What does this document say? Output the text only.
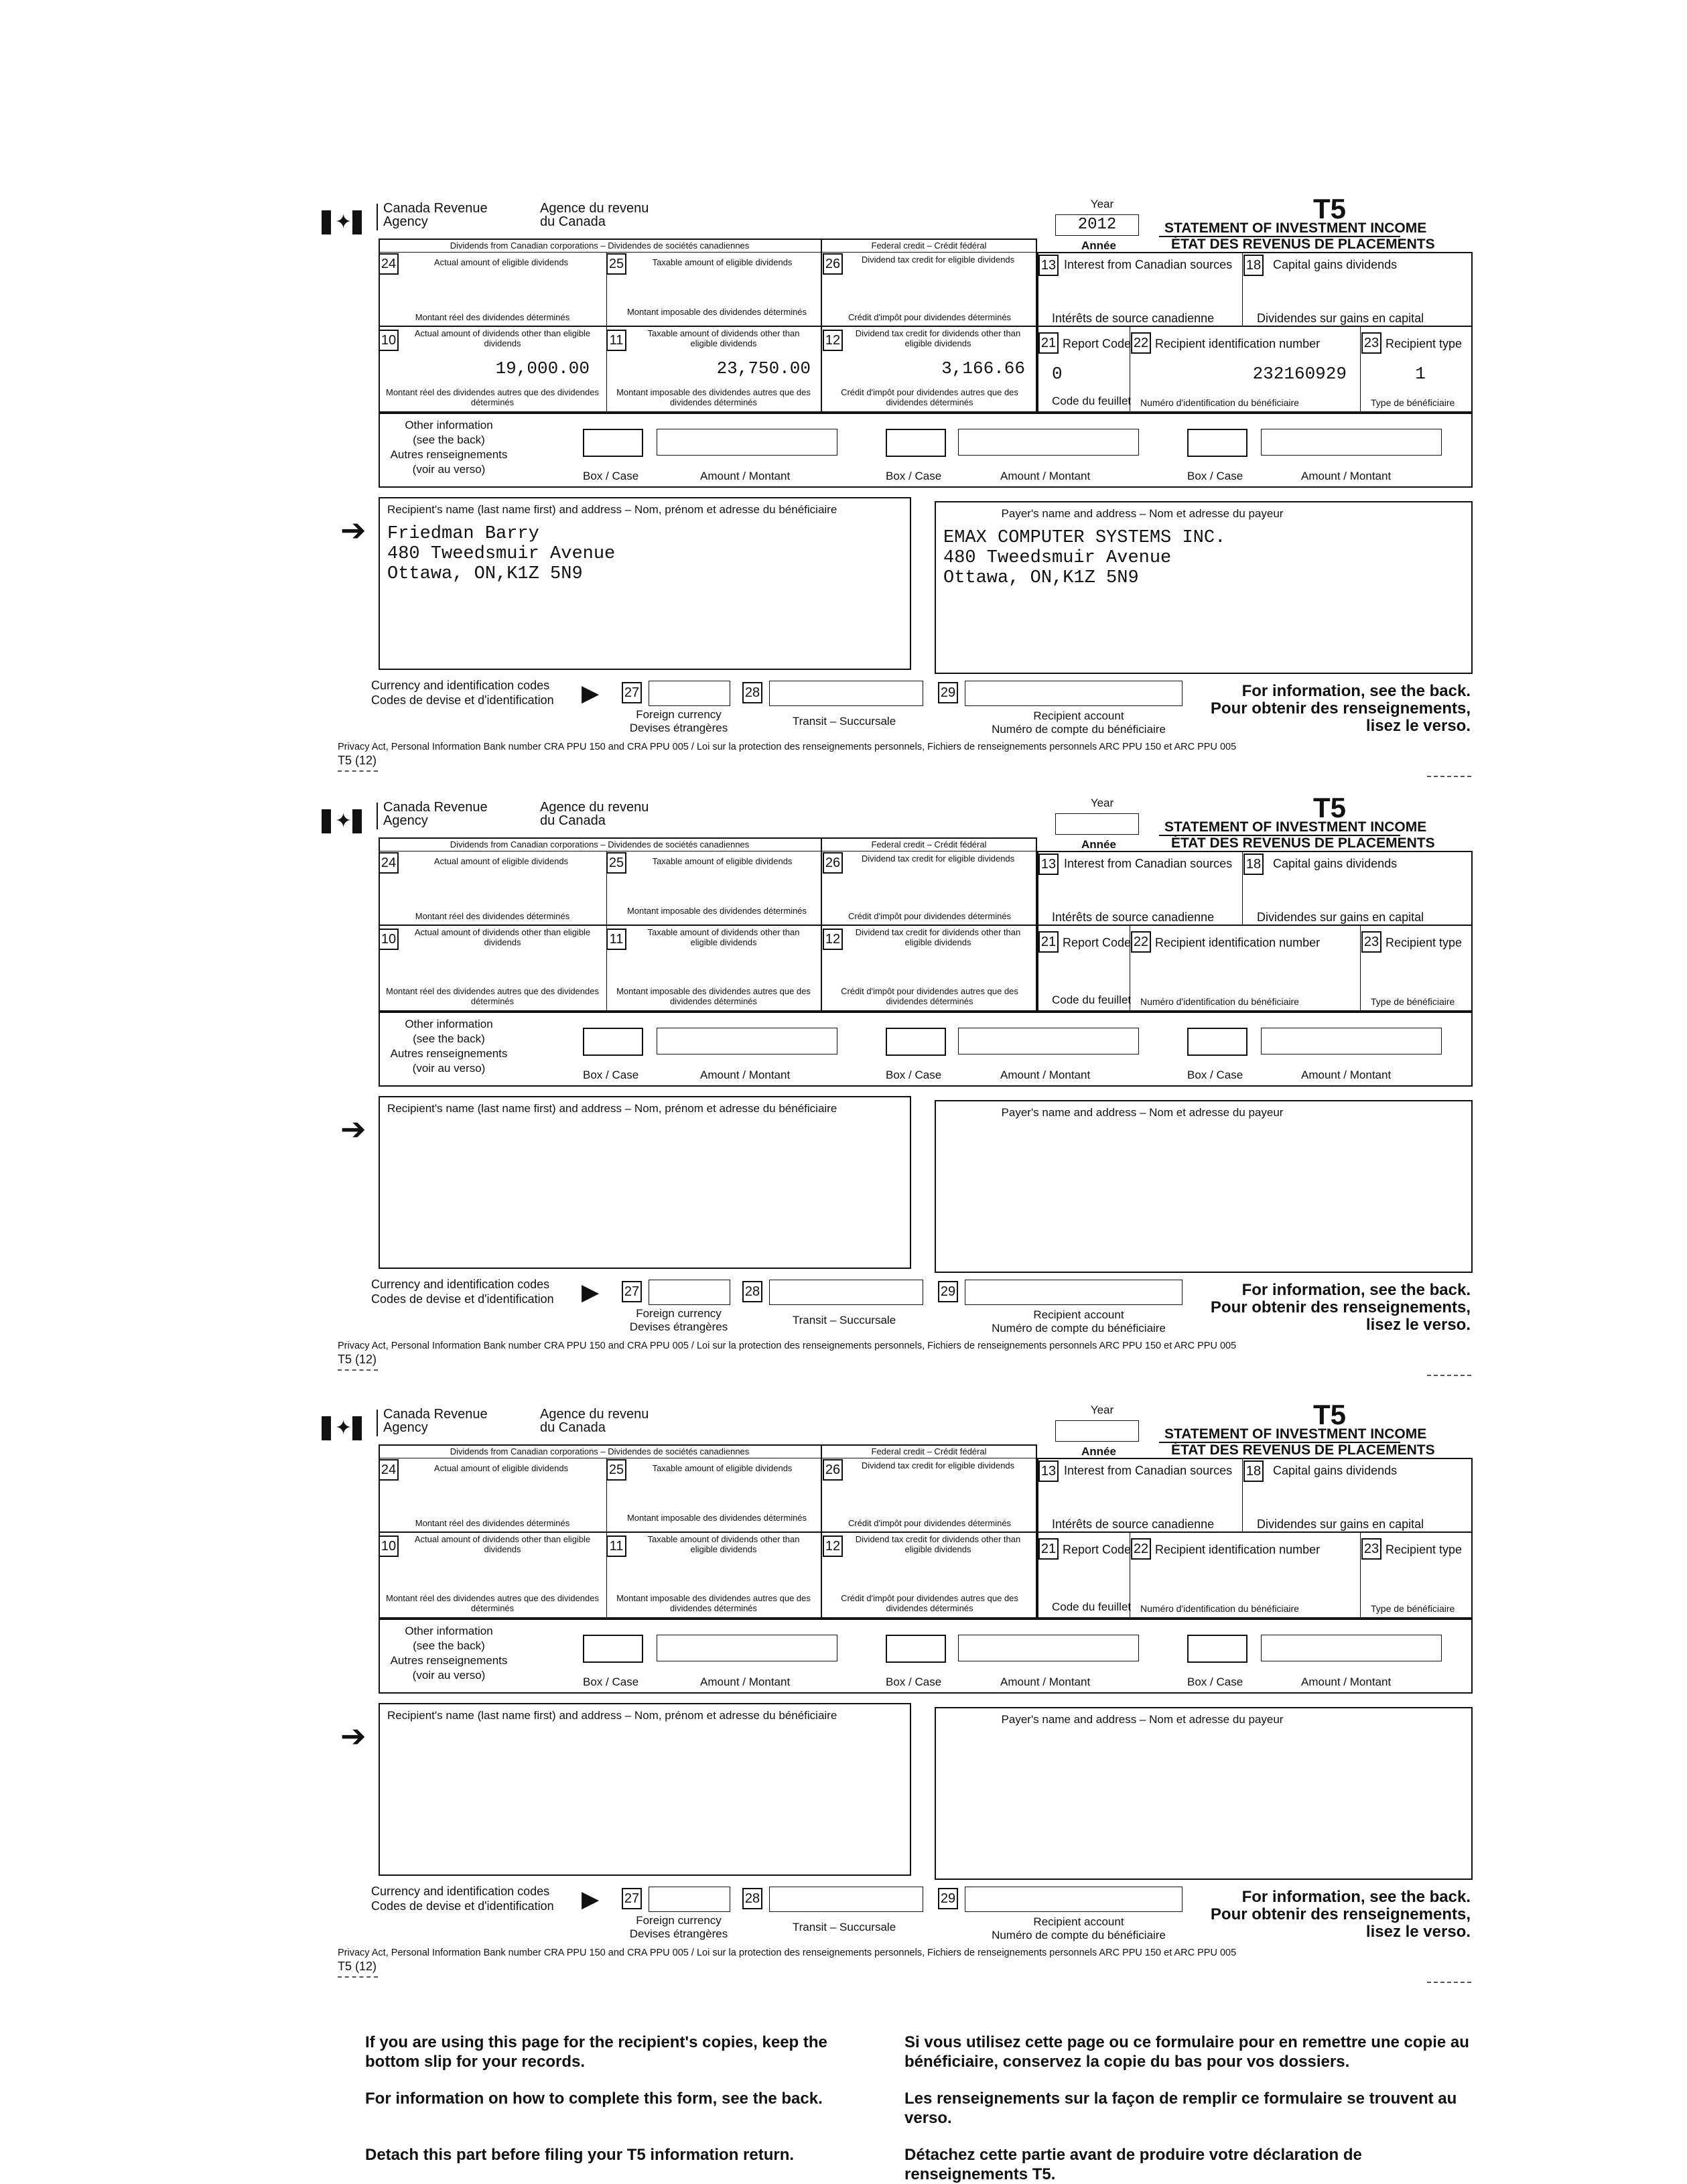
✦
Canada Revenue
Agency
Agence du revenu
du Canada
Year
2012
Année
T5
STATEMENT OF INVESTMENT INCOME
ÉTAT DES REVENUS DE PLACEMENTS
Dividends from Canadian corporations – Dividendes de sociétés canadiennes	Federal credit – Crédit fédéral
24	Actual amount of eligible dividends
Montant réel des dividendes déterminés
25	Taxable amount of eligible dividends
Montant imposable des dividendes déterminés
26	Dividend tax credit for eligible dividends
Crédit d'impôt pour dividendes déterminés
13 Interest from Canadian sources
Intérêts de source canadienne
18 Capital gains dividends
Dividendes sur gains en capital
10	Actual amount of dividends other than eligible dividends
19,000.00
Montant réel des dividendes autres que des dividendes déterminés
11	Taxable amount of dividends other than eligible dividends
23,750.00
Montant imposable des dividendes autres que des dividendes déterminés
12	Dividend tax credit for dividends other than eligible dividends
3,166.66
Crédit d'impôt pour dividendes autres que des dividendes déterminés
21 Report Code
0
Code du feuillet
22 Recipient identification number
232160929
Numéro d'identification du bénéficiaire
23 Recipient type
1
Type de bénéficiaire
Other information
(see the back)
Autres renseignements
(voir au verso)
Box / Case	Amount / Montant	Box / Case	Amount / Montant	Box / Case	Amount / Montant
➔
Recipient's name (last name first) and address – Nom, prénom et adresse du bénéficiaire
Friedman Barry
480 Tweedsmuir Avenue
Ottawa, ON,K1Z 5N9
Payer's name and address – Nom et adresse du payeur
EMAX COMPUTER SYSTEMS INC.
480 Tweedsmuir Avenue
Ottawa, ON,K1Z 5N9
Currency and identification codes
Codes de devise et d'identification ▶ 27	28	29
Foreign currency
Devises étrangères
Transit – Succursale	Recipient account
Numéro de compte du bénéficiaire
For information, see the back.
Pour obtenir des renseignements,
lisez le verso.
Privacy Act, Personal Information Bank number CRA PPU 150 and CRA PPU 005 / Loi sur la protection des renseignements personnels, Fichiers de renseignements personnels ARC PPU 150 et ARC PPU 005
T5 (12)
✦
Canada Revenue
Agency
Agence du revenu
du Canada
Year
Année
T5
STATEMENT OF INVESTMENT INCOME
ÉTAT DES REVENUS DE PLACEMENTS
Dividends from Canadian corporations – Dividendes de sociétés canadiennes	Federal credit – Crédit fédéral
24	Actual amount of eligible dividends
Montant réel des dividendes déterminés
25	Taxable amount of eligible dividends
Montant imposable des dividendes déterminés
26	Dividend tax credit for eligible dividends
Crédit d'impôt pour dividendes déterminés
13 Interest from Canadian sources
Intérêts de source canadienne
18 Capital gains dividends
Dividendes sur gains en capital
10	Actual amount of dividends other than eligible dividends
Montant réel des dividendes autres que des dividendes déterminés
11	Taxable amount of dividends other than eligible dividends
Montant imposable des dividendes autres que des dividendes déterminés
12	Dividend tax credit for dividends other than eligible dividends
Crédit d'impôt pour dividendes autres que des dividendes déterminés
21 Report Code
Code du feuillet
22 Recipient identification number
Numéro d'identification du bénéficiaire
23 Recipient type
Type de bénéficiaire
Other information
(see the back)
Autres renseignements
(voir au verso)
Box / Case	Amount / Montant	Box / Case	Amount / Montant	Box / Case	Amount / Montant
➔
Recipient's name (last name first) and address – Nom, prénom et adresse du bénéficiaire	Payer's name and address – Nom et adresse du payeur
Currency and identification codes
Codes de devise et d'identification ▶ 27	28	29
Foreign currency
Devises étrangères
Transit – Succursale	Recipient account
Numéro de compte du bénéficiaire
For information, see the back.
Pour obtenir des renseignements,
lisez le verso.
Privacy Act, Personal Information Bank number CRA PPU 150 and CRA PPU 005 / Loi sur la protection des renseignements personnels, Fichiers de renseignements personnels ARC PPU 150 et ARC PPU 005
T5 (12)
✦
Canada Revenue
Agency
Agence du revenu
du Canada
Year
Année
T5
STATEMENT OF INVESTMENT INCOME
ÉTAT DES REVENUS DE PLACEMENTS
Dividends from Canadian corporations – Dividendes de sociétés canadiennes	Federal credit – Crédit fédéral
24	Actual amount of eligible dividends
Montant réel des dividendes déterminés
25	Taxable amount of eligible dividends
Montant imposable des dividendes déterminés
26	Dividend tax credit for eligible dividends
Crédit d'impôt pour dividendes déterminés
13 Interest from Canadian sources
Intérêts de source canadienne
18 Capital gains dividends
Dividendes sur gains en capital
10	Actual amount of dividends other than eligible dividends
Montant réel des dividendes autres que des dividendes déterminés
11	Taxable amount of dividends other than eligible dividends
Montant imposable des dividendes autres que des dividendes déterminés
12	Dividend tax credit for dividends other than eligible dividends
Crédit d'impôt pour dividendes autres que des dividendes déterminés
21 Report Code
Code du feuillet
22 Recipient identification number
Numéro d'identification du bénéficiaire
23 Recipient type
Type de bénéficiaire
Other information
(see the back)
Autres renseignements
(voir au verso)
Box / Case	Amount / Montant	Box / Case	Amount / Montant	Box / Case	Amount / Montant
➔
Recipient's name (last name first) and address – Nom, prénom et adresse du bénéficiaire	Payer's name and address – Nom et adresse du payeur
Currency and identification codes
Codes de devise et d'identification ▶ 27	28	29
Foreign currency
Devises étrangères
Transit – Succursale	Recipient account
Numéro de compte du bénéficiaire
For information, see the back.
Pour obtenir des renseignements,
lisez le verso.
Privacy Act, Personal Information Bank number CRA PPU 150 and CRA PPU 005 / Loi sur la protection des renseignements personnels, Fichiers de renseignements personnels ARC PPU 150 et ARC PPU 005
T5 (12)
If you are using this page for the recipient's copies, keep the bottom slip for your records.
For information on how to complete this form, see the back.
Detach this part before filing your T5 information return.
Si vous utilisez cette page ou ce formulaire pour en remettre une copie au bénéficiaire, conservez la copie du bas pour vos dossiers.
Les renseignements sur la façon de remplir ce formulaire se trouvent au verso.
Détachez cette partie avant de produire votre déclaration de renseignements T5.
